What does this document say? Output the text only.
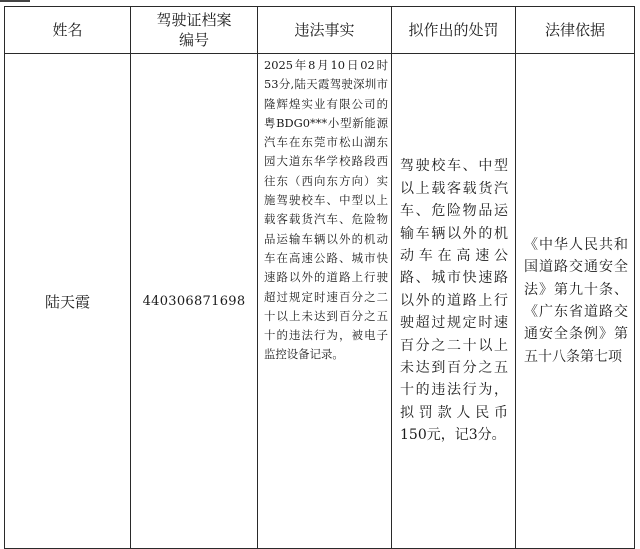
姓名	驾驶证档案编号	违法事实	拟作出的处罚	法律依据
陆天霞	440306871698	2025年8月10日02时53分,陆天霞驾驶深圳市隆辉煌实业有限公司的粤BDG0***小型新能源汽车在东莞市松山湖东园大道东华学校路段西往东（西向东方向）实施驾驶校车、中型以上载客载货汽车、危险物品运输车辆以外的机动车在高速公路、城市快速路以外的道路上行驶超过规定时速百分之二十以上未达到百分之五十的违法行为，被电子监控设备记录。	驾驶校车、中型以上载客载货汽车、危险物品运输车辆以外的机动车在高速公路、城市快速路以外的道路上行驶超过规定时速百分之二十以上未达到百分之五十的违法行为，拟罚款人民币150元，记3分。	《中华人民共和国道路交通安全法》第九十条、《广东省道路交通安全条例》第五十八条第七项
